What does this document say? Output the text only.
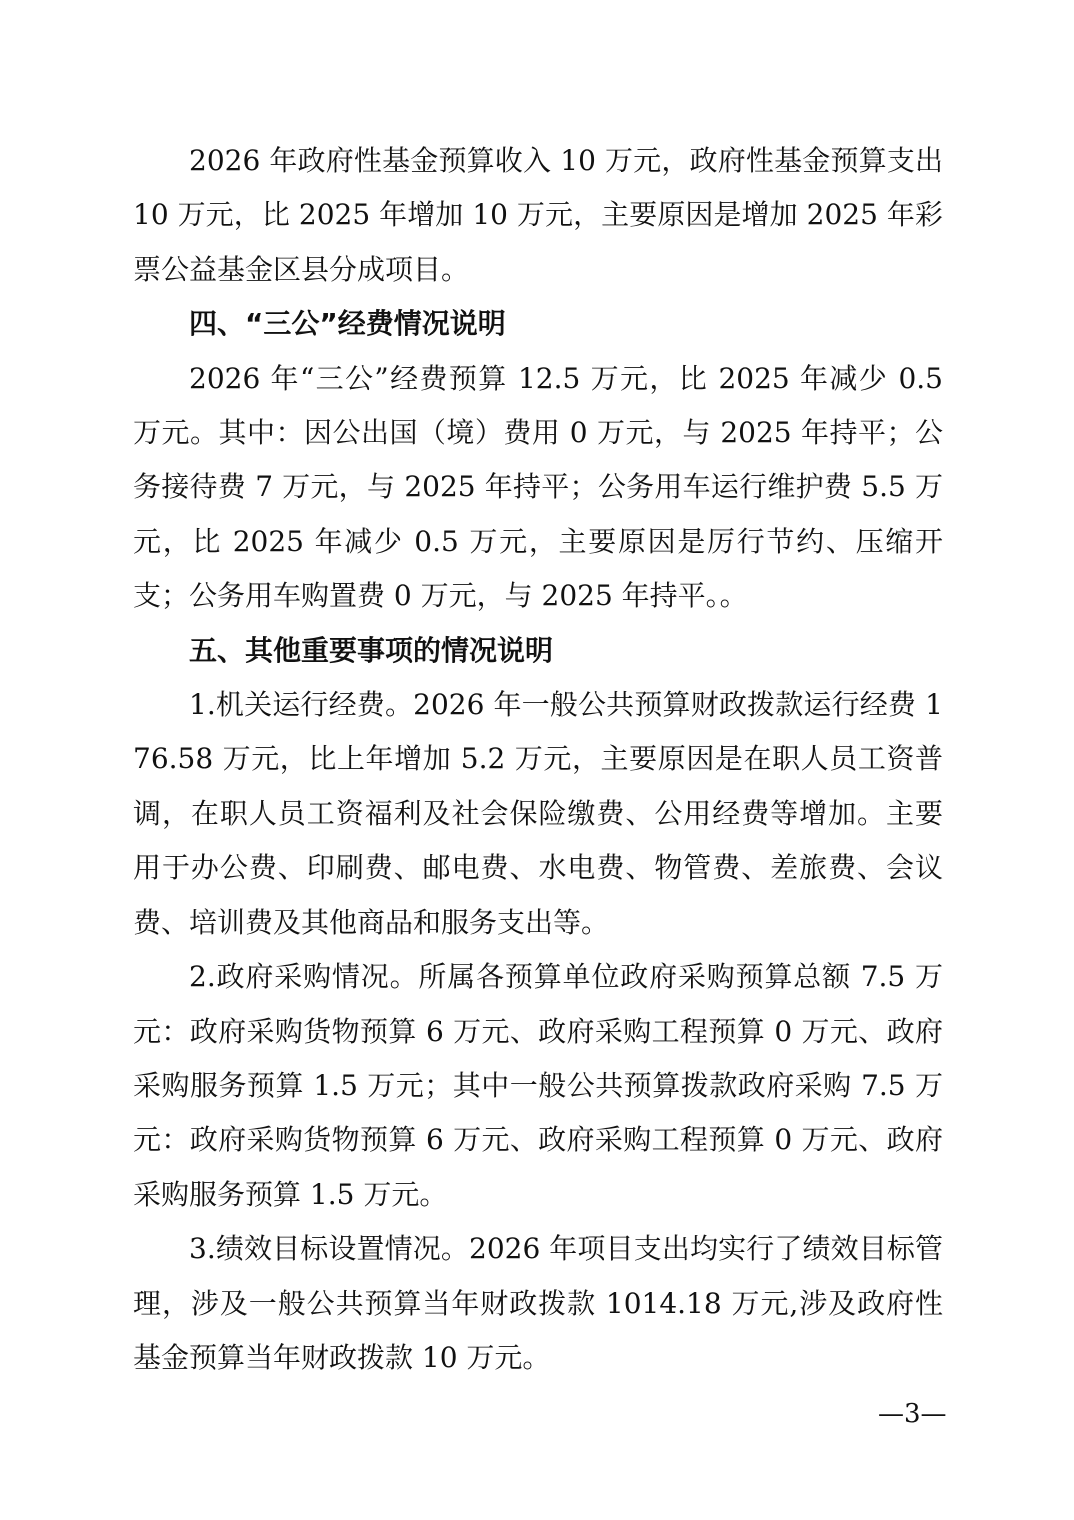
2026 年政府性基金预算收入 10 万元，政府性基金预算支出 10 万元，比 2025 年增加 10 万元，主要原因是增加 2025 年彩票公益基金区县分成项目。

四、“三公”经费情况说明

2026 年“三公”经费预算 12.5 万元，比 2025 年减少 0.5 万元。其中：因公出国（境）费用 0 万元，与 2025 年持平；公务接待费 7 万元，与 2025 年持平；公务用车运行维护费 5.5 万元，比 2025 年减少 0.5 万元，主要原因是厉行节约、压缩开支；公务用车购置费 0 万元，与 2025 年持平。。

五、其他重要事项的情况说明

1.机关运行经费。2026 年一般公共预算财政拨款运行经费 176.58 万元，比上年增加 5.2 万元，主要原因是在职人员工资普调，在职人员工资福利及社会保险缴费、公用经费等增加。主要用于办公费、印刷费、邮电费、水电费、物管费、差旅费、会议费、培训费及其他商品和服务支出等。

2.政府采购情况。所属各预算单位政府采购预算总额 7.5 万元：政府采购货物预算 6 万元、政府采购工程预算 0 万元、政府采购服务预算 1.5 万元；其中一般公共预算拨款政府采购 7.5 万元：政府采购货物预算 6 万元、政府采购工程预算 0 万元、政府采购服务预算 1.5 万元。

3.绩效目标设置情况。2026 年项目支出均实行了绩效目标管理，涉及一般公共预算当年财政拨款 1014.18 万元,涉及政府性基金预算当年财政拨款 10 万元。

—3—
